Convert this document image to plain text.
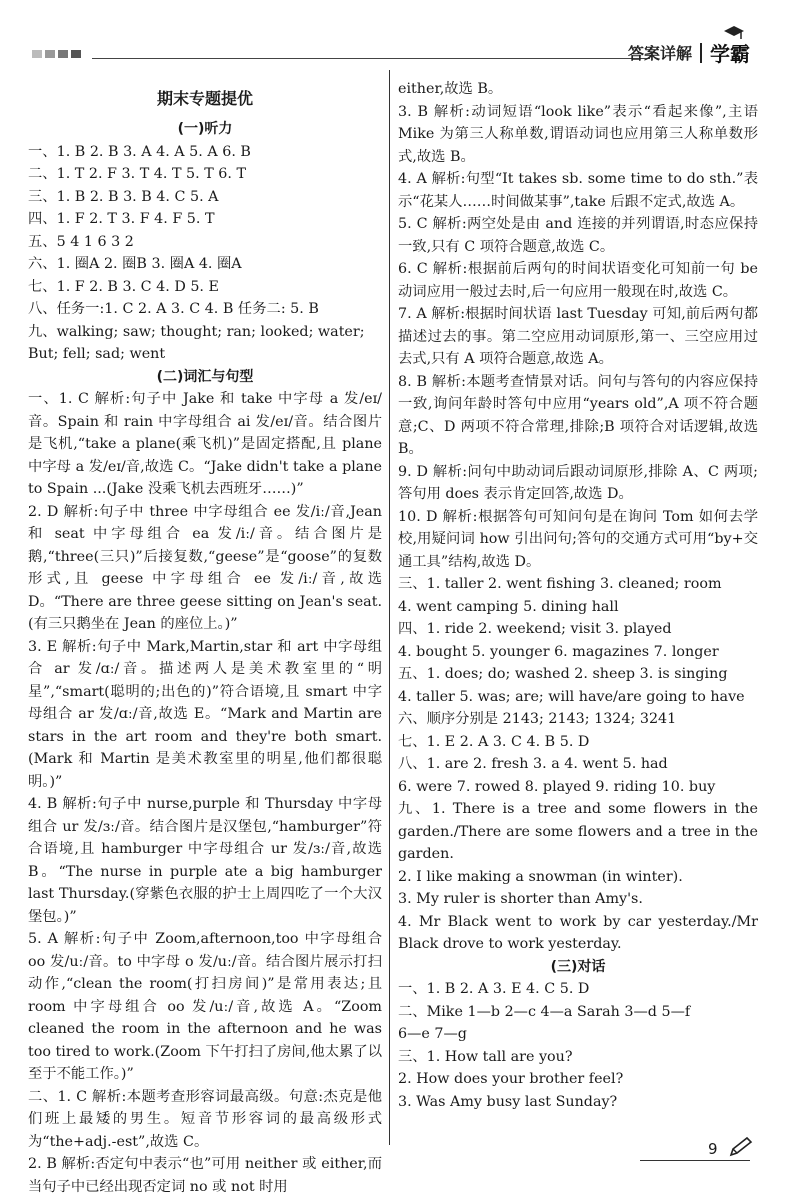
答案详解 学霸

期末专题提优

(一)听力

一、1. B 2. B 3. A 4. A 5. A 6. B

二、1. T 2. F 3. T 4. T 5. T 6. T

三、1. B 2. B 3. B 4. C 5. A

四、1. F 2. T 3. F 4. F 5. T

五、5 4 1 6 3 2

六、1. 圈A 2. 圈B 3. 圈A 4. 圈A

七、1. F 2. B 3. C 4. D 5. E

八、任务一:1. C 2. A 3. C 4. B 任务二: 5. B

九、walking; saw; thought; ran; looked; water;

But; fell; sad; went

(二)词汇与句型

一、1. C 解析:句子中 Jake 和 take 中字母 a 发/eɪ/音。Spain 和 rain 中字母组合 ai 发/eɪ/音。结合图片是飞机,“take a plane(乘飞机)”是固定搭配,且 plane 中字母 a 发/eɪ/音,故选 C。“Jake didn't take a plane to Spain ...(Jake 没乘飞机去西班牙……)”

2. D 解析:句子中 three 中字母组合 ee 发/iː/音,Jean 和 seat 中字母组合 ea 发/iː/音。结合图片是鹅,“three(三只)”后接复数,“geese”是“goose”的复数形式,且 geese 中字母组合 ee 发/iː/音,故选 D。“There are three geese sitting on Jean's seat.(有三只鹅坐在 Jean 的座位上。)”

3. E 解析:句子中 Mark,Martin,star 和 art 中字母组合 ar 发/ɑː/音。描述两人是美术教室里的“明星”,“smart(聪明的;出色的)”符合语境,且 smart 中字母组合 ar 发/ɑː/音,故选 E。“Mark and Martin are stars in the art room and they're both smart.(Mark 和 Martin 是美术教室里的明星,他们都很聪明。)”

4. B 解析:句子中 nurse,purple 和 Thursday 中字母组合 ur 发/ɜː/音。结合图片是汉堡包,“hamburger”符合语境,且 hamburger 中字母组合 ur 发/ɜː/音,故选 B。“The nurse in purple ate a big hamburger last Thursday.(穿紫色衣服的护士上周四吃了一个大汉堡包。)”

5. A 解析:句子中 Zoom,afternoon,too 中字母组合 oo 发/uː/音。to 中字母 o 发/uː/音。结合图片展示打扫动作,“clean the room(打扫房间)”是常用表达;且 room 中字母组合 oo 发/uː/音,故选 A。“Zoom cleaned the room in the afternoon and he was too tired to work.(Zoom 下午打扫了房间,他太累了以至于不能工作。)”

二、1. C 解析:本题考查形容词最高级。句意:杰克是他们班上最矮的男生。短音节形容词的最高级形式为“the+adj.-est”,故选 C。

2. B 解析:否定句中表示“也”可用 neither 或 either,而当句子中已经出现否定词 no 或 not 时用

either,故选 B。

3. B 解析:动词短语“look like”表示“看起来像”,主语 Mike 为第三人称单数,谓语动词也应用第三人称单数形式,故选 B。

4. A 解析:句型“It takes sb. some time to do sth.”表示“花某人……时间做某事”,take 后跟不定式,故选 A。

5. C 解析:两空处是由 and 连接的并列谓语,时态应保持一致,只有 C 项符合题意,故选 C。

6. C 解析:根据前后两句的时间状语变化可知前一句 be 动词应用一般过去时,后一句应用一般现在时,故选 C。

7. A 解析:根据时间状语 last Tuesday 可知,前后两句都描述过去的事。第二空应用动词原形,第一、三空应用过去式,只有 A 项符合题意,故选 A。

8. B 解析:本题考查情景对话。问句与答句的内容应保持一致,询问年龄时答句中应用“years old”,A 项不符合题意;C、D 两项不符合常理,排除;B 项符合对话逻辑,故选 B。

9. D 解析:问句中助动词后跟动词原形,排除 A、C 两项;答句用 does 表示肯定回答,故选 D。

10. D 解析:根据答句可知问句是在询问 Tom 如何去学校,用疑问词 how 引出问句;答句的交通方式可用“by+交通工具”结构,故选 D。

三、1. taller 2. went fishing 3. cleaned; room

4. went camping 5. dining hall

四、1. ride 2. weekend; visit 3. played

4. bought 5. younger 6. magazines 7. longer

五、1. does; do; washed 2. sheep 3. is singing

4. taller 5. was; are; will have/are going to have

六、顺序分别是 2143; 2143; 1324; 3241

七、1. E 2. A 3. C 4. B 5. D

八、1. are 2. fresh 3. a 4. went 5. had

6. were 7. rowed 8. played 9. riding 10. buy

九、1. There is a tree and some flowers in the garden./There are some flowers and a tree in the garden.

2. I like making a snowman (in winter).

3. My ruler is shorter than Amy's.

4. Mr Black went to work by car yesterday./Mr Black drove to work yesterday.

(三)对话

一、1. B 2. A 3. E 4. C 5. D

二、Mike 1—b 2—c 4—a Sarah 3—d 5—f

6—e 7—g

三、1. How tall are you?

2. How does your brother feel?

3. Was Amy busy last Sunday?

9
